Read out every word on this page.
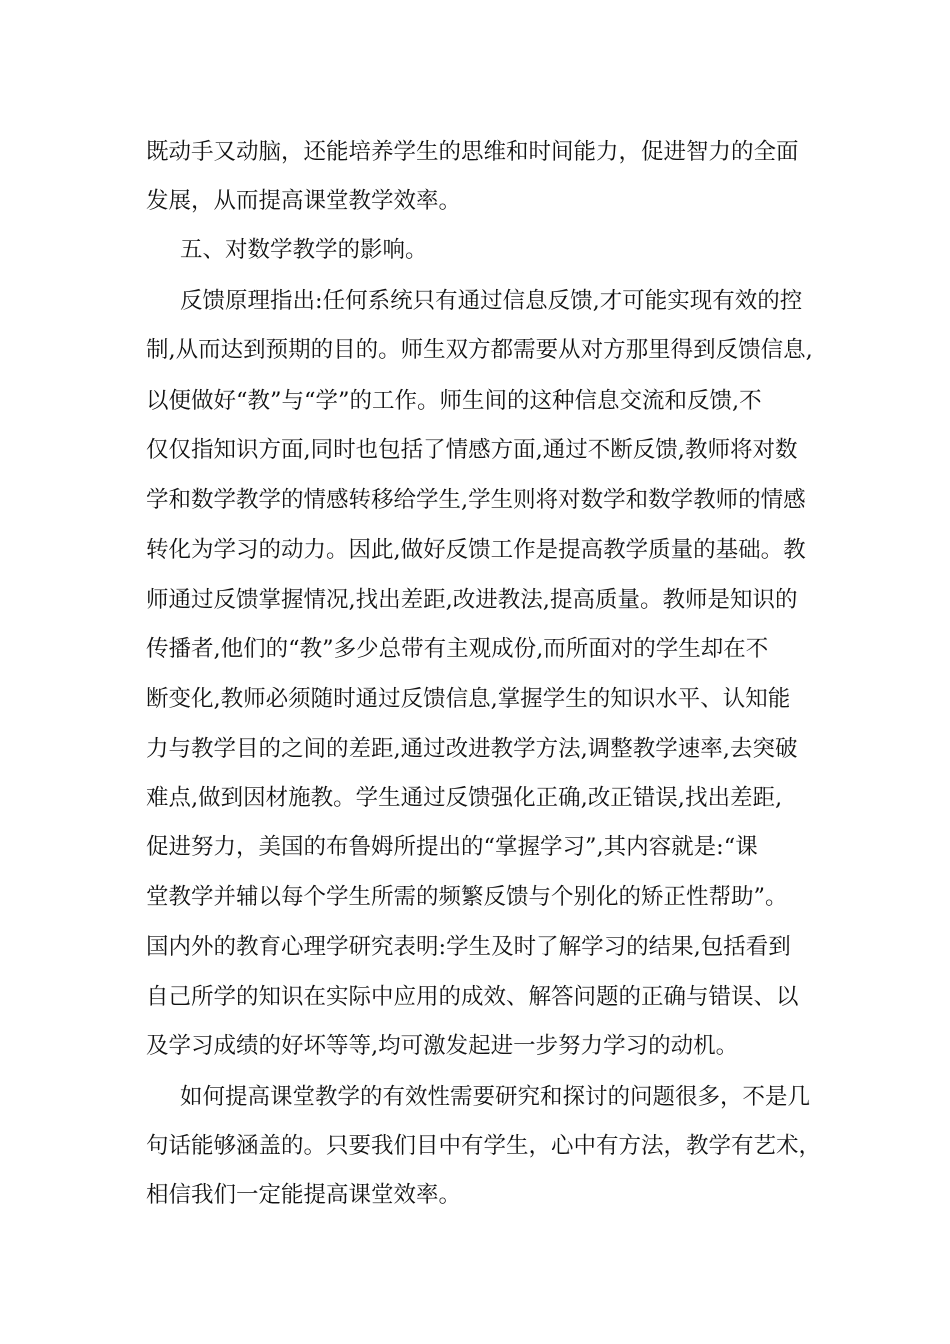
既动手又动脑，还能培养学生的思维和时间能力，促进智力的全面
发展，从而提高课堂教学效率。
五、对数学教学的影响。
反馈原理指出:任何系统只有通过信息反馈,才可能实现有效的控
制,从而达到预期的目的。师生双方都需要从对方那里得到反馈信息,
以便做好“教”与“学”的工作。师生间的这种信息交流和反馈,不
仅仅指知识方面,同时也包括了情感方面,通过不断反馈,教师将对数
学和数学教学的情感转移给学生,学生则将对数学和数学教师的情感
转化为学习的动力。因此,做好反馈工作是提高教学质量的基础。教
师通过反馈掌握情况,找出差距,改进教法,提高质量。教师是知识的
传播者,他们的“教”多少总带有主观成份,而所面对的学生却在不
断变化,教师必须随时通过反馈信息,掌握学生的知识水平、认知能
力与教学目的之间的差距,通过改进教学方法,调整教学速率,去突破
难点,做到因材施教。学生通过反馈强化正确,改正错误,找出差距,
促进努力，美国的布鲁姆所提出的“掌握学习”,其内容就是:“课
堂教学并辅以每个学生所需的频繁反馈与个别化的矫正性帮助”。
国内外的教育心理学研究表明:学生及时了解学习的结果,包括看到
自己所学的知识在实际中应用的成效、解答问题的正确与错误、以
及学习成绩的好坏等等,均可激发起进一步努力学习的动机。
如何提高课堂教学的有效性需要研究和探讨的问题很多，不是几
句话能够涵盖的。只要我们目中有学生，心中有方法，教学有艺术，
相信我们一定能提高课堂效率。
